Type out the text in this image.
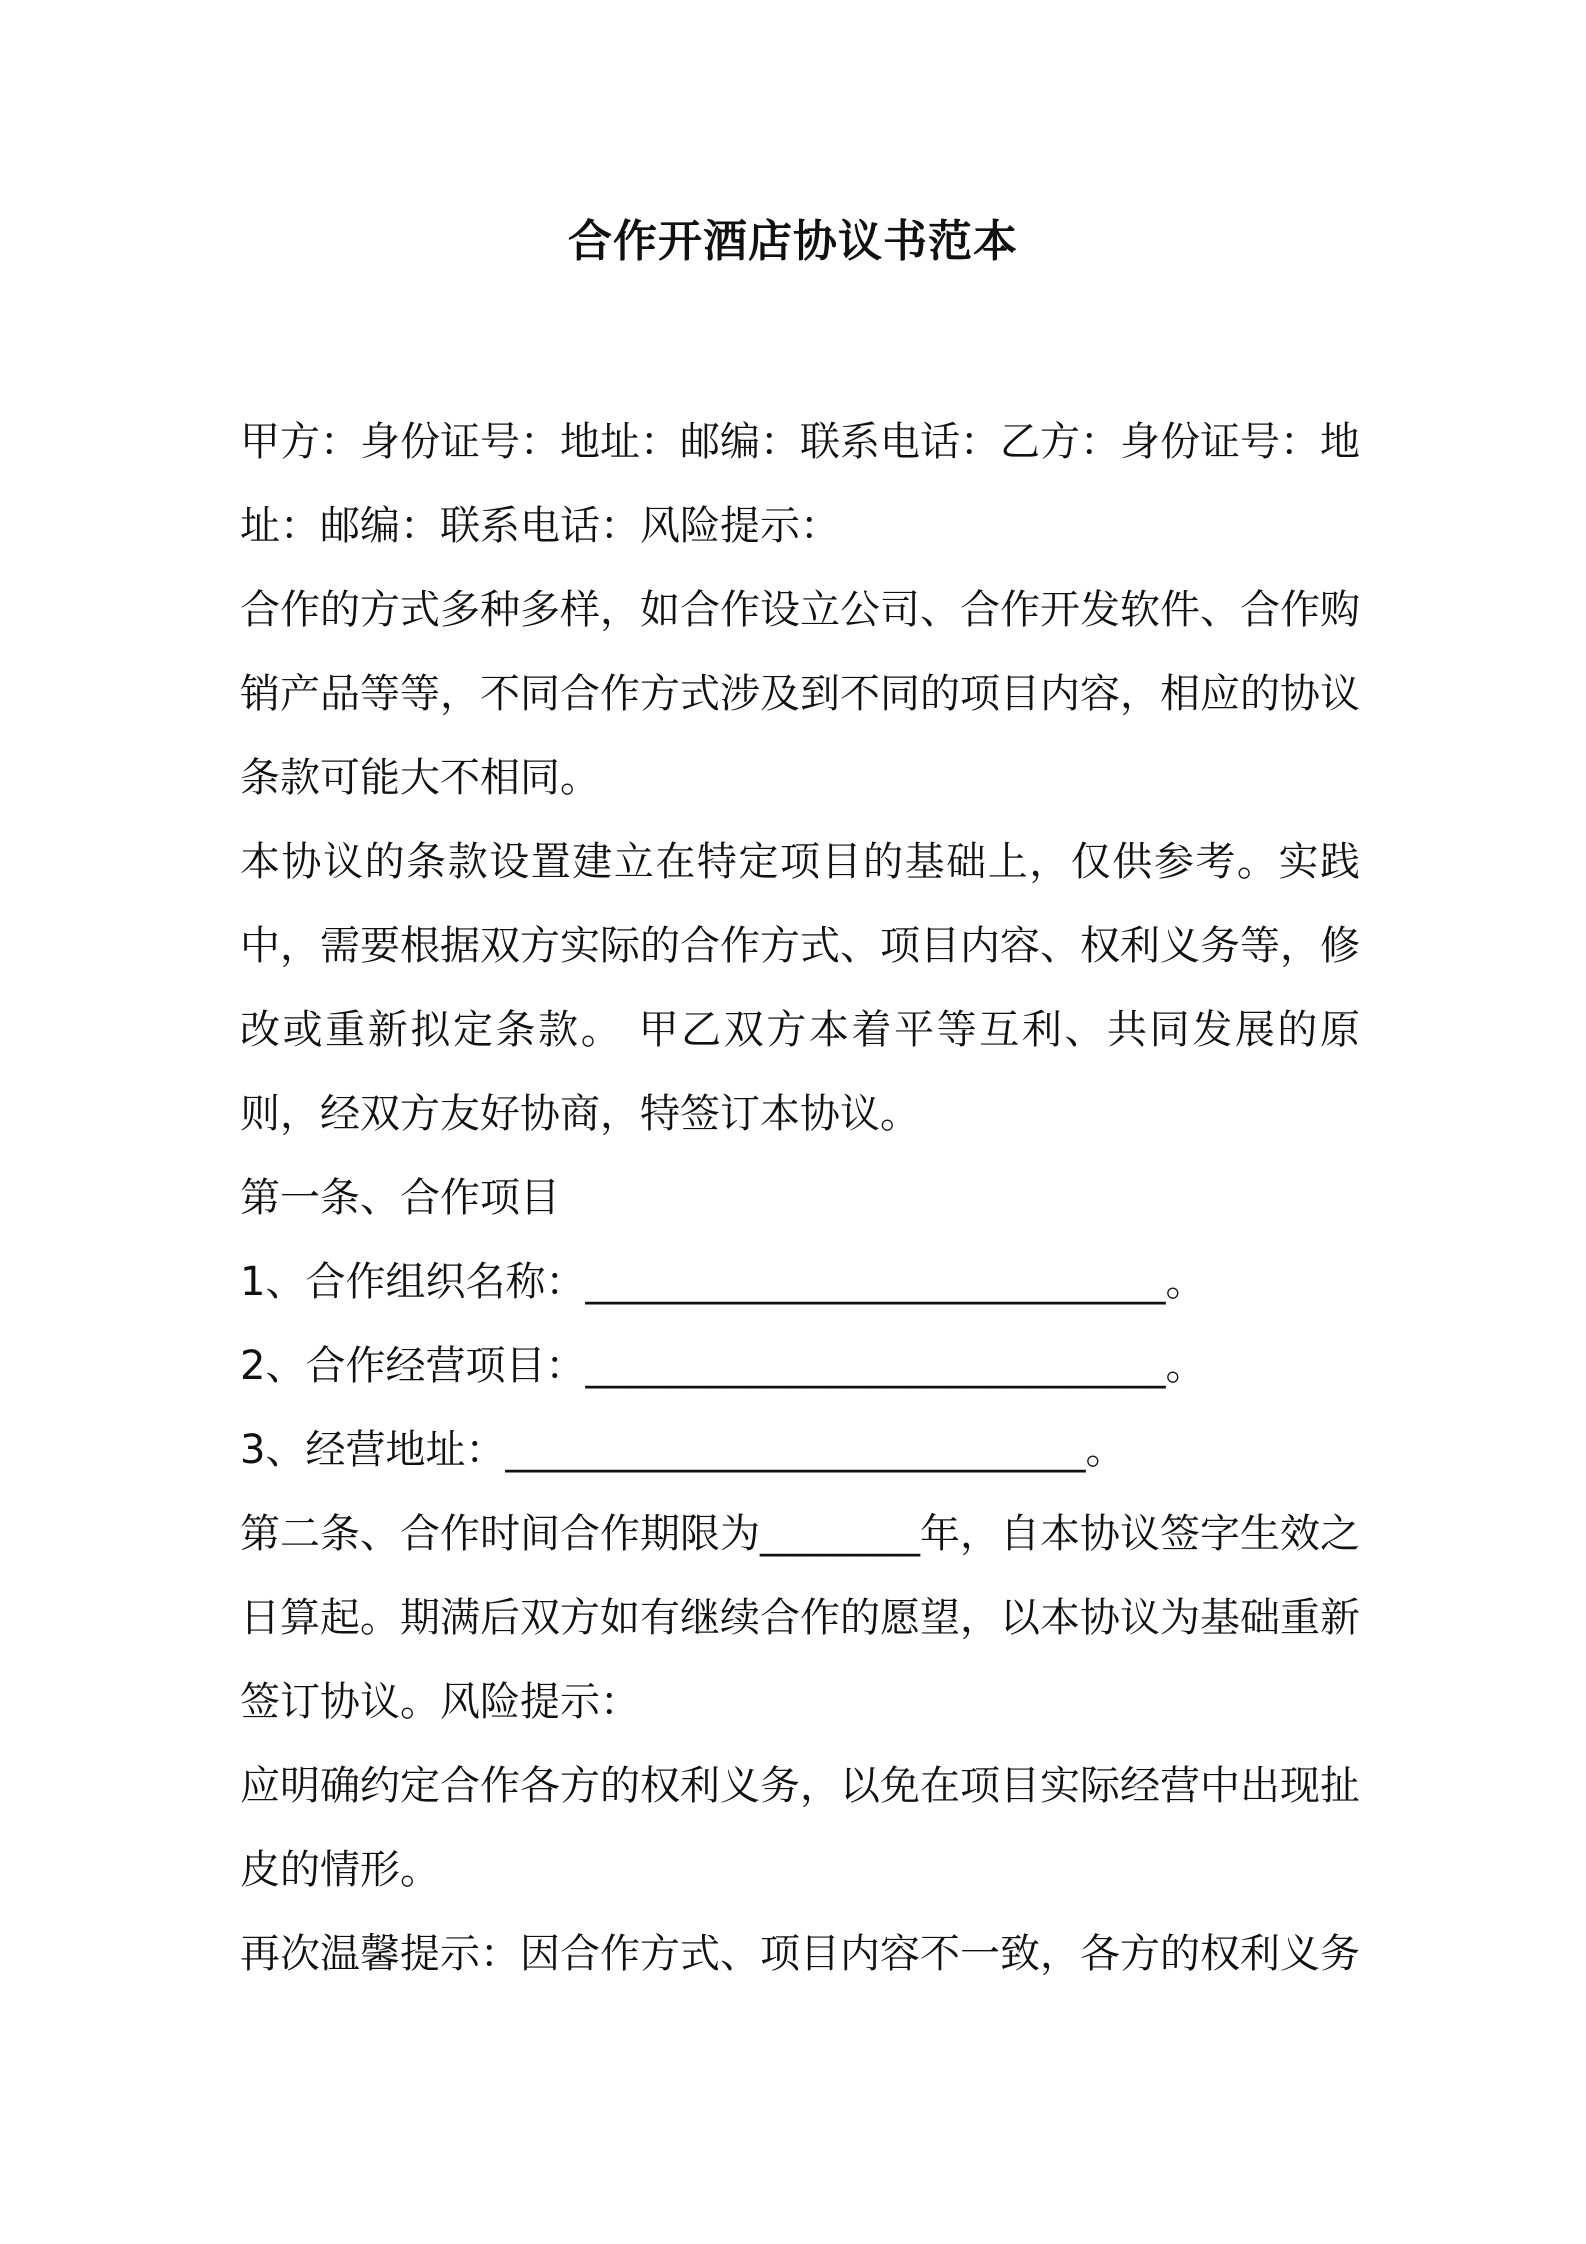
合作开酒店协议书范本

甲方：身份证号：地址：邮编：联系电话：乙方：身份证号：地址：邮编：联系电话：风险提示：

合作的方式多种多样，如合作设立公司、合作开发软件、合作购销产品等等，不同合作方式涉及到不同的项目内容，相应的协议条款可能大不相同。

本协议的条款设置建立在特定项目的基础上，仅供参考。实践中，需要根据双方实际的合作方式、项目内容、权利义务等，修改或重新拟定条款。 甲乙双方本着平等互利、共同发展的原则，经双方友好协商，特签订本协议。

第一条、合作项目

1、合作组织名称：_____________________________。

2、合作经营项目：_____________________________。

3、经营地址：_____________________________。

第二条、合作时间合作期限为________年，自本协议签字生效之日算起。期满后双方如有继续合作的愿望，以本协议为基础重新签订协议。风险提示：

应明确约定合作各方的权利义务，以免在项目实际经营中出现扯皮的情形。

再次温馨提示：因合作方式、项目内容不一致，各方的权利义务
